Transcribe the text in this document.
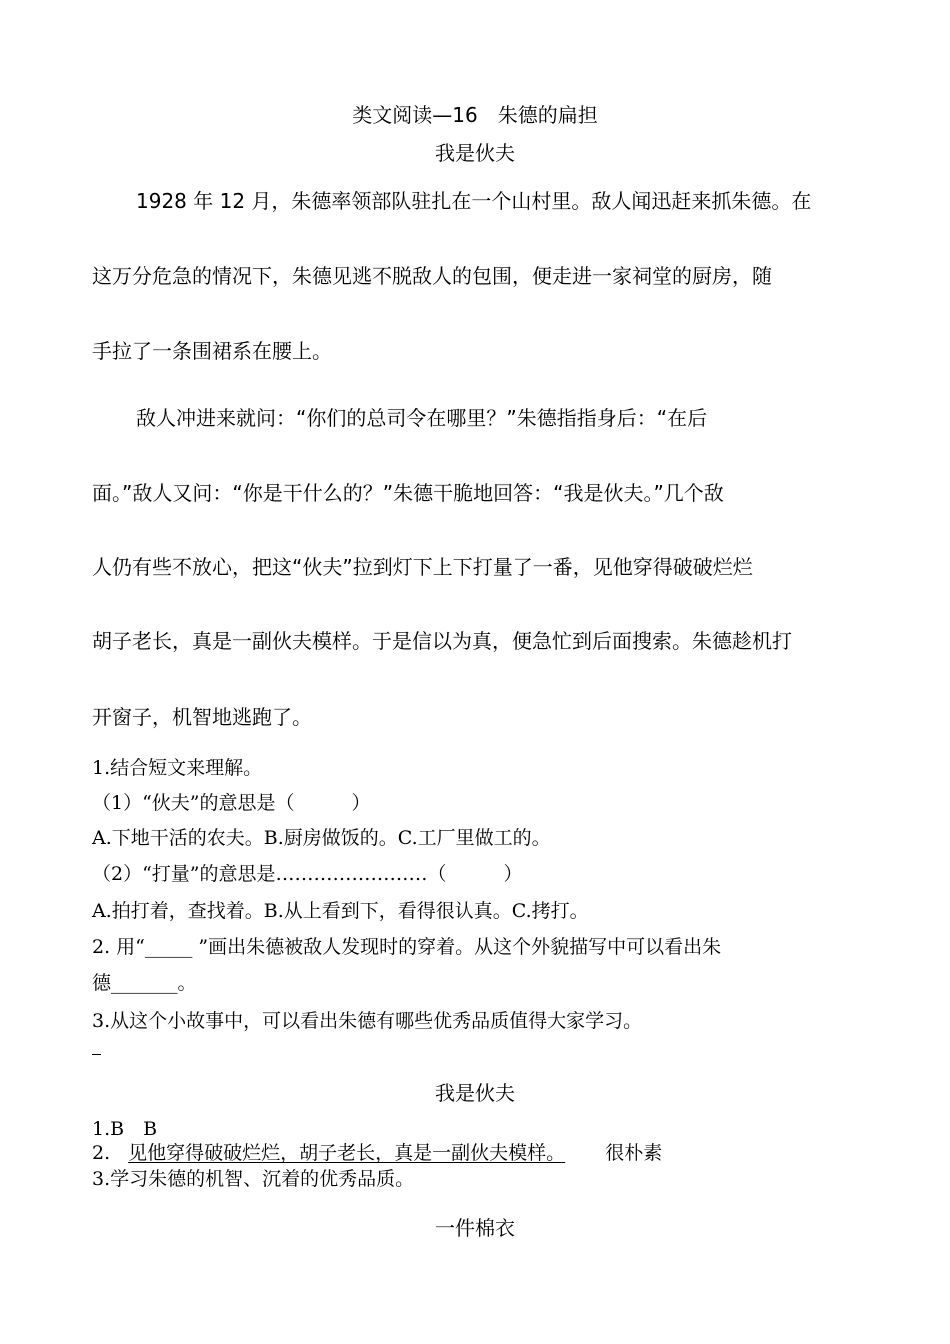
类文阅读—16　朱德的扁担
我是伙夫
1928 年 12 月，朱德率领部队驻扎在一个山村里。敌人闻迅赶来抓朱德。在
这万分危急的情况下，朱德见逃不脱敌人的包围，便走进一家祠堂的厨房，随
手拉了一条围裙系在腰上。
敌人冲进来就问：“你们的总司令在哪里？”朱德指指身后：“在后
面。”敌人又问：“你是干什么的？”朱德干脆地回答：“我是伙夫。”几个敌
人仍有些不放心，把这“伙夫”拉到灯下上下打量了一番，见他穿得破破烂烂
胡子老长，真是一副伙夫模样。于是信以为真，便急忙到后面搜索。朱德趁机打
开窗子，机智地逃跑了。
1.结合短文来理解。
（1）“伙夫”的意思是（　　　）
A.下地干活的农夫。B.厨房做饭的。C.工厂里做工的。
（2）“打量”的意思是……………………（　　　）
A.拍打着，查找着。B.从上看到下，看得很认真。C.拷打。
2. 用“_____ ”画出朱德被敌人发现时的穿着。从这个外貌描写中可以看出朱
德_______。
3.从这个小故事中，可以看出朱德有哪些优秀品质值得大家学习。
我是伙夫
1.B　B
2. 见他穿得破破烂烂，胡子老长，真是一副伙夫模样。 很朴素
3.学习朱德的机智、沉着的优秀品质。
一件棉衣
